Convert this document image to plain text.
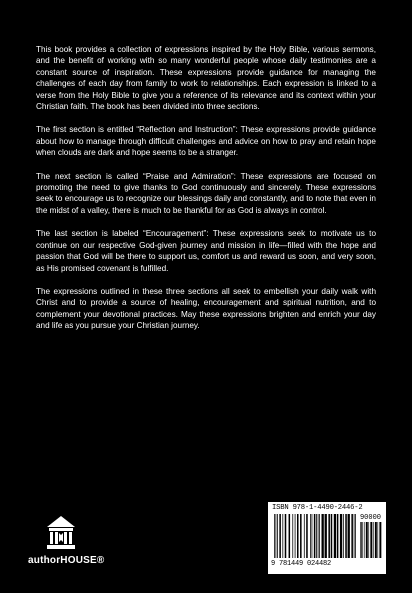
This book provides a collection of expressions inspired by the Holy Bible, various sermons, and the benefit of working with so many wonderful people whose daily testimonies are a constant source of inspiration. These expressions provide guidance for managing the challenges of each day from family to work to relationships. Each expression is linked to a verse from the Holy Bible to give you a reference of its relevance and its context within your Christian faith. The book has been divided into three sections.

The first section is entitled “Reflection and Instruction”: These expressions provide guidance about how to manage through difficult challenges and advice on how to pray and retain hope when clouds are dark and hope seems to be a stranger.

The next section is called “Praise and Admiration”: These expressions are focused on promoting the need to give thanks to God continuously and sincerely. These expressions seek to encourage us to recognize our blessings daily and constantly, and to note that even in the midst of a valley, there is much to be thankful for as God is always in control.

The last section is labeled “Encouragement”: These expressions seek to motivate us to continue on our respective God-given journey and mission in life—filled with the hope and passion that God will be there to support us, comfort us and reward us soon, and very soon, as His promised covenant is fulfilled.

The expressions outlined in these three sections all seek to embellish your daily walk with Christ and to provide a source of healing, encouragement and spiritual nutrition, and to complement your devotional practices. May these expressions brighten and enrich your day and life as you pursue your Christian journey.

authorHOUSE®
ISBN 978-1-4490-2446-2
90000
9 781449 024482
